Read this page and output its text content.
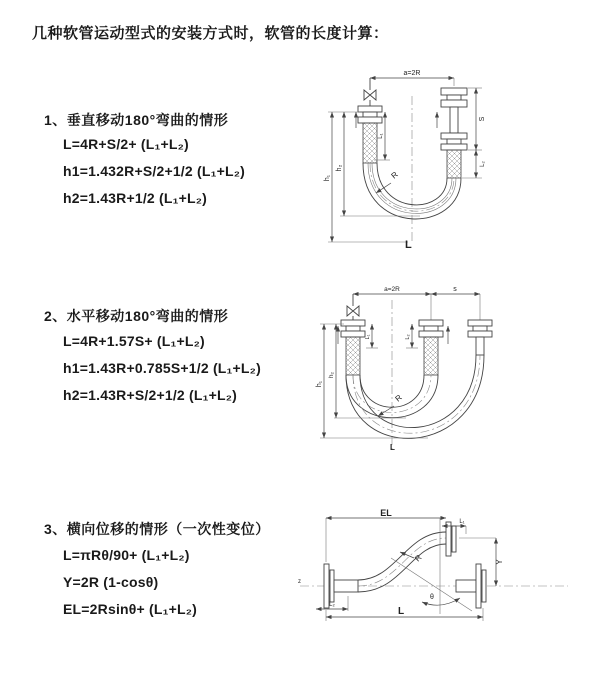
几种软管运动型式的安装方式时，软管的长度计算：
1、垂直移动180°弯曲的情形
L=4R+S/2+ (L₁+L₂)
h1=1.432R+S/2+1/2 (L₁+L₂)
h2=1.43R+1/2 (L₁+L₂)
2、水平移动180°弯曲的情形
L=4R+1.57S+ (L₁+L₂)
h1=1.43R+0.785S+1/2 (L₁+L₂)
h2=1.43R+S/2+1/2 (L₁+L₂)
3、横向位移的情形（一次性变位）
L=πRθ/90+ (L₁+L₂)
Y=2R (1-cosθ)
EL=2Rsinθ+ (L₁+L₂)
a=2R
h₁
h₂
L₁
S
L₂
R
L
a=2R	s
h₁
h₂
L₁	L₂
R
L
z
EL
L₁
θ
R	Y
L₂
L
